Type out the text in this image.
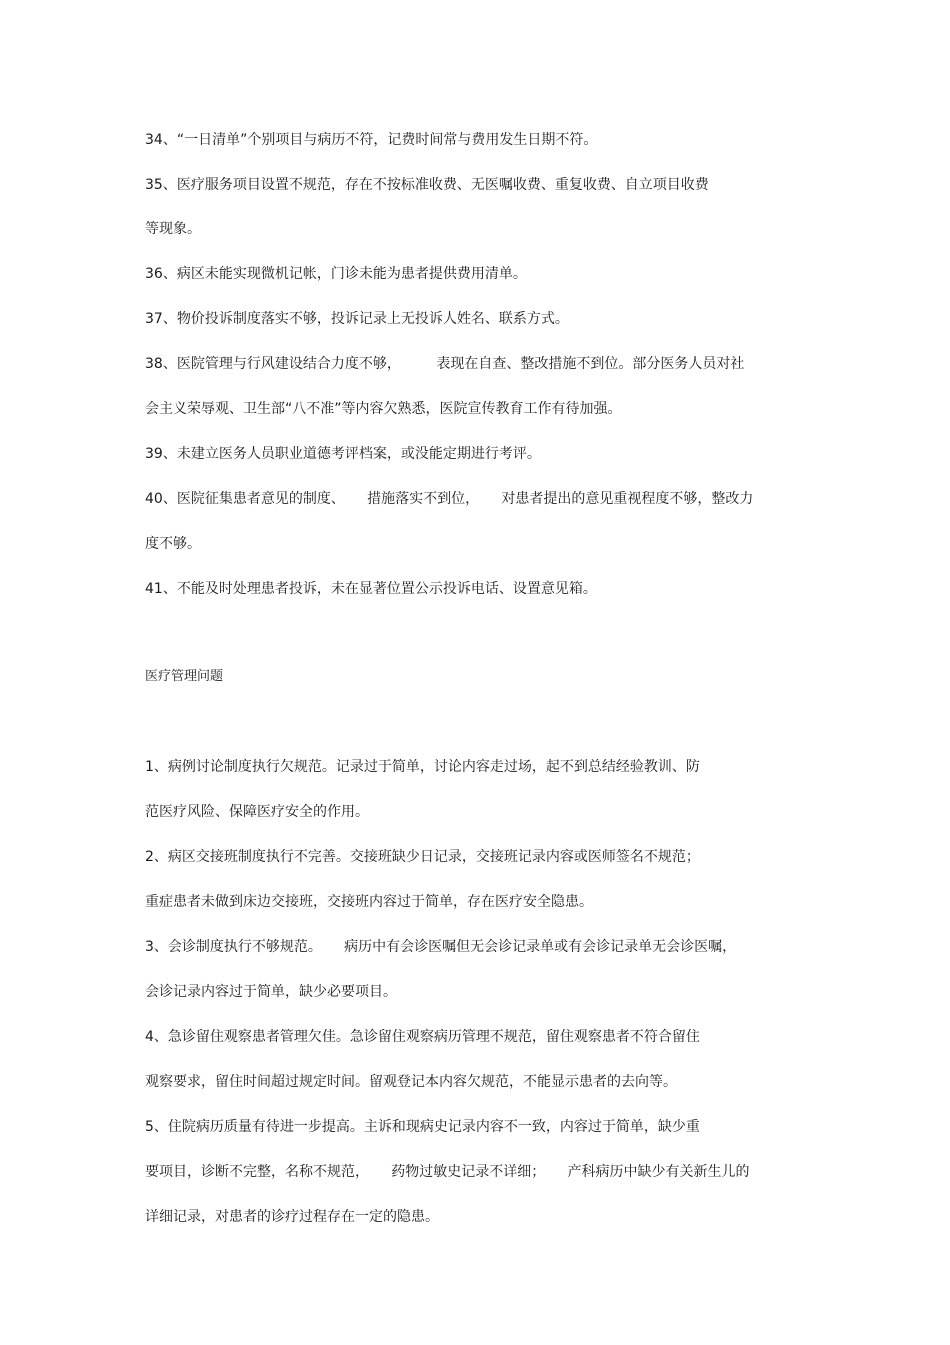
34、“一日清单”个别项目与病历不符，记费时间常与费用发生日期不符。

35、医疗服务项目设置不规范，存在不按标准收费、无医嘱收费、重复收费、自立项目收费

等现象。

36、病区未能实现微机记帐，门诊未能为患者提供费用清单。

37、物价投诉制度落实不够，投诉记录上无投诉人姓名、联系方式。

38、医院管理与行风建设结合力度不够，        表现在自查、整改措施不到位。部分医务人员对社

会主义荣辱观、卫生部“八不准”等内容欠熟悉，医院宣传教育工作有待加强。

39、未建立医务人员职业道德考评档案，或没能定期进行考评。

40、医院征集患者意见的制度、     措施落实不到位，     对患者提出的意见重视程度不够，整改力

度不够。

41、不能及时处理患者投诉，未在显著位置公示投诉电话、设置意见箱。

医疗管理问题

1、病例讨论制度执行欠规范。记录过于简单，讨论内容走过场，起不到总结经验教训、防

范医疗风险、保障医疗安全的作用。

2、病区交接班制度执行不完善。交接班缺少日记录，交接班记录内容或医师签名不规范；

重症患者未做到床边交接班，交接班内容过于简单，存在医疗安全隐患。

3、会诊制度执行不够规范。     病历中有会诊医嘱但无会诊记录单或有会诊记录单无会诊医嘱，

会诊记录内容过于简单，缺少必要项目。

4、急诊留住观察患者管理欠佳。急诊留住观察病历管理不规范，留住观察患者不符合留住

观察要求，留住时间超过规定时间。留观登记本内容欠规范，不能显示患者的去向等。

5、住院病历质量有待进一步提高。主诉和现病史记录内容不一致，内容过于简单，缺少重

要项目，诊断不完整，名称不规范，     药物过敏史记录不详细；     产科病历中缺少有关新生儿的

详细记录，对患者的诊疗过程存在一定的隐患。
